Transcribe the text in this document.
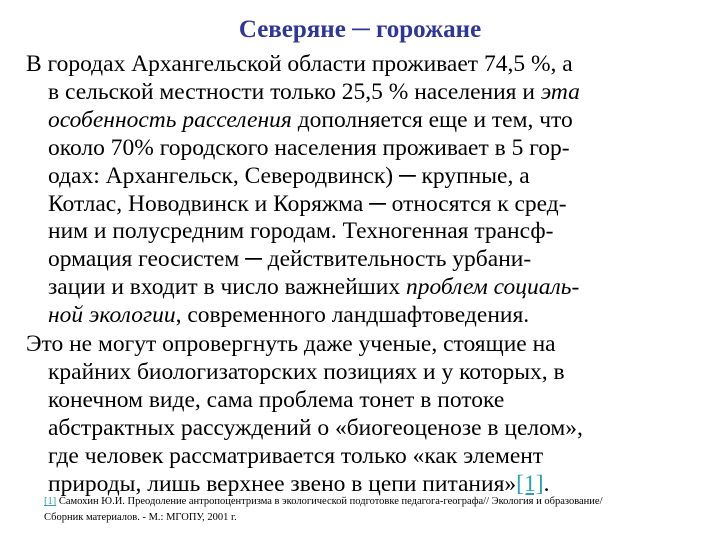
Северяне ─ горожане
В городах Архангельской области проживает 74,5 %, а
в сельской местности только 25,5 % населения и эта
особенность расселения дополняется еще и тем, что
около 70% городского населения проживает в 5 гор-
одах: Архангельск, Северодвинск) ─ крупные, а
Котлас, Новодвинск и Коряжма ─ относятся к сред-
ним и полусредним городам. Техногенная трансф-
ормация геосистем ─ действительность урбани-
зации и входит в число важнейших проблем социаль-
ной экологии, современного ландшафтоведения.
Это не могут опровергнуть даже ученые, стоящие на
крайних биологизаторских позициях и у которых, в
конечном виде, сама проблема тонет в потоке
абстрактных рассуждений о «биогеоценозе в целом»,
где человек рассматривается только «как элемент
природы, лишь верхнее звено в цепи питания»[1].
[1] Самохин Ю.И. Преодоление антропоцентризма в экологической подготовке педагога-географа// Экология и образование/
Сборник материалов. - М.: МГОПУ, 2001 г.
